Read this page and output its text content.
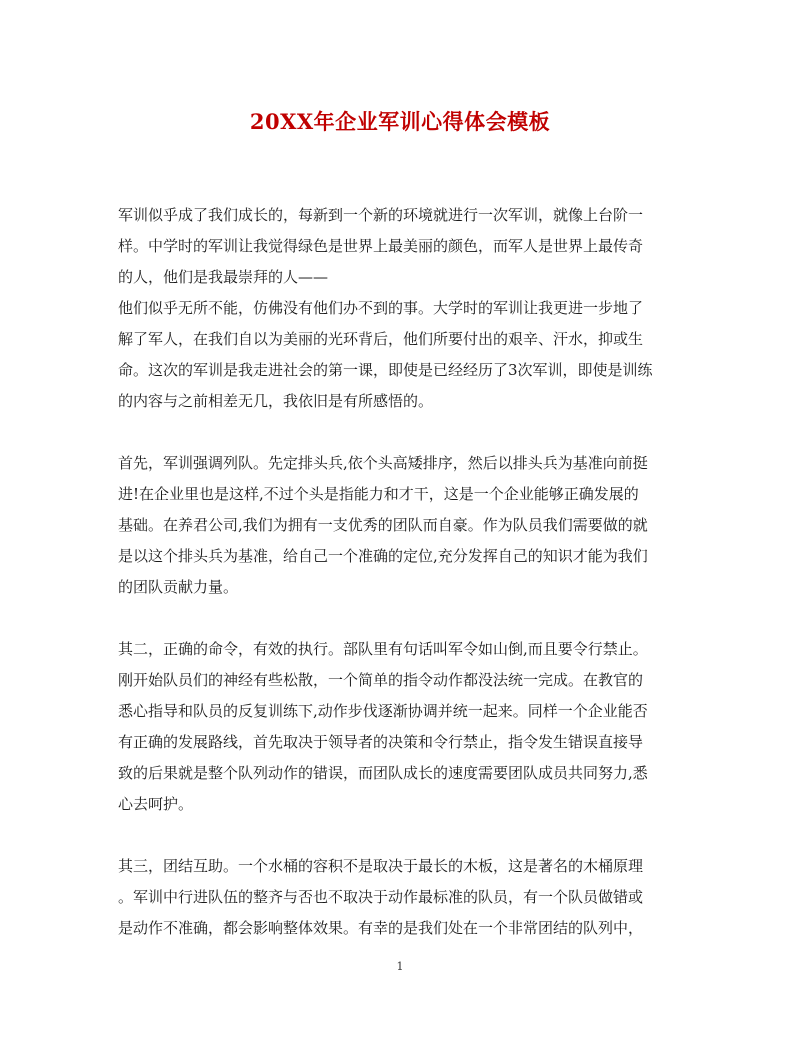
20XX年企业军训心得体会模板

军训似乎成了我们成长的，每新到一个新的环境就进行一次军训，就像上台阶一
样。中学时的军训让我觉得绿色是世界上最美丽的颜色，而军人是世界上最传奇
的人，他们是我最崇拜的人——
他们似乎无所不能，仿佛没有他们办不到的事。大学时的军训让我更进一步地了
解了军人，在我们自以为美丽的光环背后，他们所要付出的艰辛、汗水，抑或生
命。这次的军训是我走进社会的第一课，即使是已经经历了3次军训，即使是训练
的内容与之前相差无几，我依旧是有所感悟的。

首先，军训强调列队。先定排头兵,依个头高矮排序，然后以排头兵为基准向前挺
进!在企业里也是这样,不过个头是指能力和才干，这是一个企业能够正确发展的
基础。在养君公司,我们为拥有一支优秀的团队而自豪。作为队员我们需要做的就
是以这个排头兵为基准，给自己一个准确的定位,充分发挥自己的知识才能为我们
的团队贡献力量。

其二，正确的命令，有效的执行。部队里有句话叫军令如山倒,而且要令行禁止。
刚开始队员们的神经有些松散，一个简单的指令动作都没法统一完成。在教官的
悉心指导和队员的反复训练下,动作步伐逐渐协调并统一起来。同样一个企业能否
有正确的发展路线，首先取决于领导者的决策和令行禁止，指令发生错误直接导
致的后果就是整个队列动作的错误，而团队成长的速度需要团队成员共同努力,悉
心去呵护。

其三，团结互助。一个水桶的容积不是取决于最长的木板，这是著名的木桶原理
。军训中行进队伍的整齐与否也不取决于动作最标准的队员，有一个队员做错或
是动作不准确，都会影响整体效果。有幸的是我们处在一个非常团结的队列中，

1
